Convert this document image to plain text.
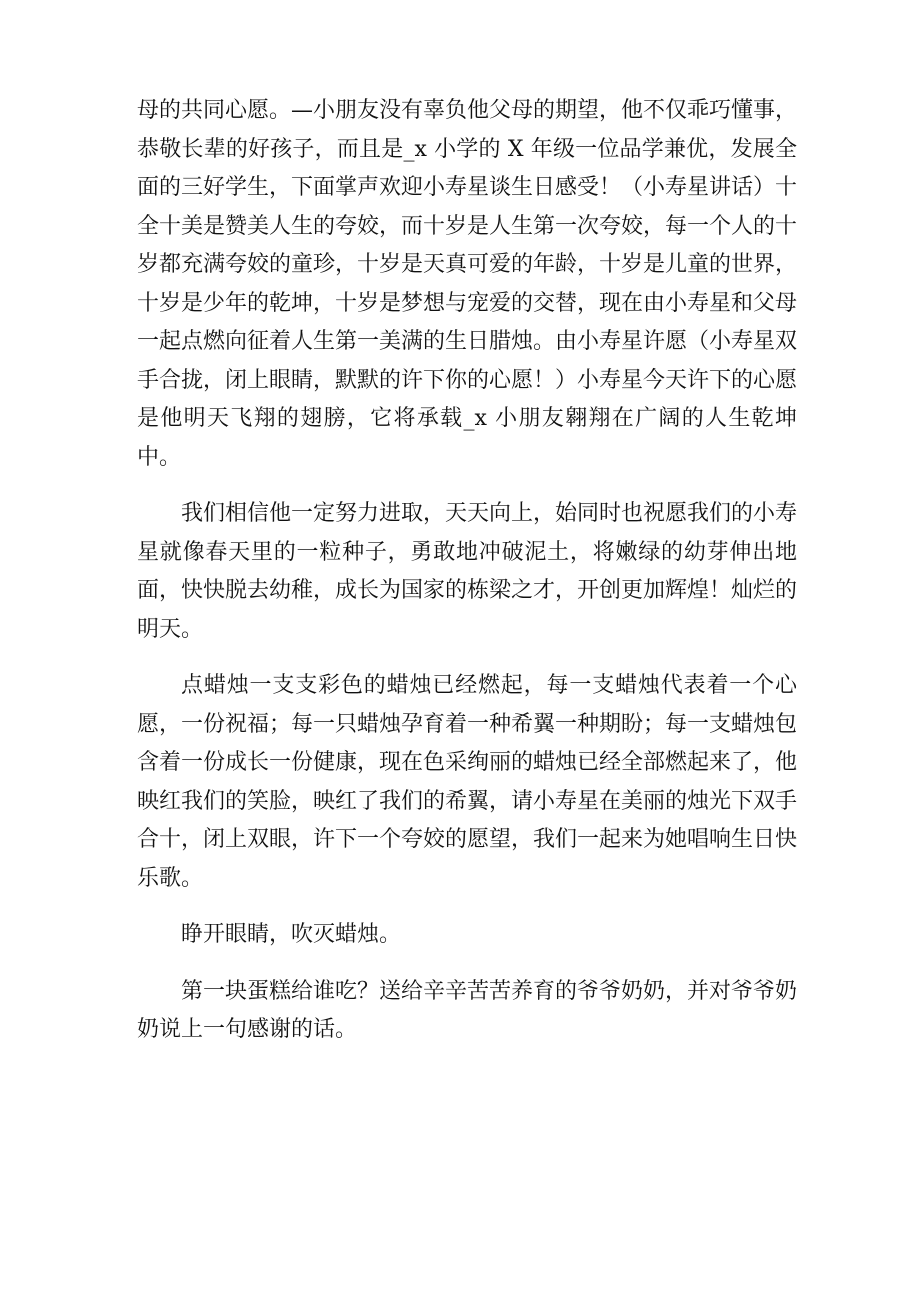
母的共同心愿。—小朋友没有辜负他父母的期望，他不仅乖巧懂事，恭敬长辈的好孩子，而且是_x 小学的 X 年级一位品学兼优，发展全面的三好学生，下面掌声欢迎小寿星谈生日感受！（小寿星讲话）十全十美是赞美人生的夸姣，而十岁是人生第一次夸姣，每一个人的十岁都充满夸姣的童珍，十岁是天真可爱的年龄，十岁是儿童的世界，十岁是少年的乾坤，十岁是梦想与宠爱的交替，现在由小寿星和父母一起点燃向征着人生第一美满的生日腊烛。由小寿星许愿（小寿星双手合拢，闭上眼睛，默默的许下你的心愿！）小寿星今天许下的心愿是他明天飞翔的翅膀，它将承载_x 小朋友翱翔在广阔的人生乾坤中。

我们相信他一定努力进取，天天向上，始同时也祝愿我们的小寿星就像春天里的一粒种子，勇敢地冲破泥土，将嫩绿的幼芽伸出地面，快快脱去幼稚，成长为国家的栋梁之才，开创更加辉煌！灿烂的明天。

点蜡烛一支支彩色的蜡烛已经燃起，每一支蜡烛代表着一个心愿，一份祝福；每一只蜡烛孕育着一种希翼一种期盼；每一支蜡烛包含着一份成长一份健康，现在色采绚丽的蜡烛已经全部燃起来了，他映红我们的笑脸，映红了我们的希翼，请小寿星在美丽的烛光下双手合十，闭上双眼，许下一个夸姣的愿望，我们一起来为她唱响生日快乐歌。

睁开眼睛，吹灭蜡烛。

第一块蛋糕给谁吃？送给辛辛苦苦养育的爷爷奶奶，并对爷爷奶奶说上一句感谢的话。
